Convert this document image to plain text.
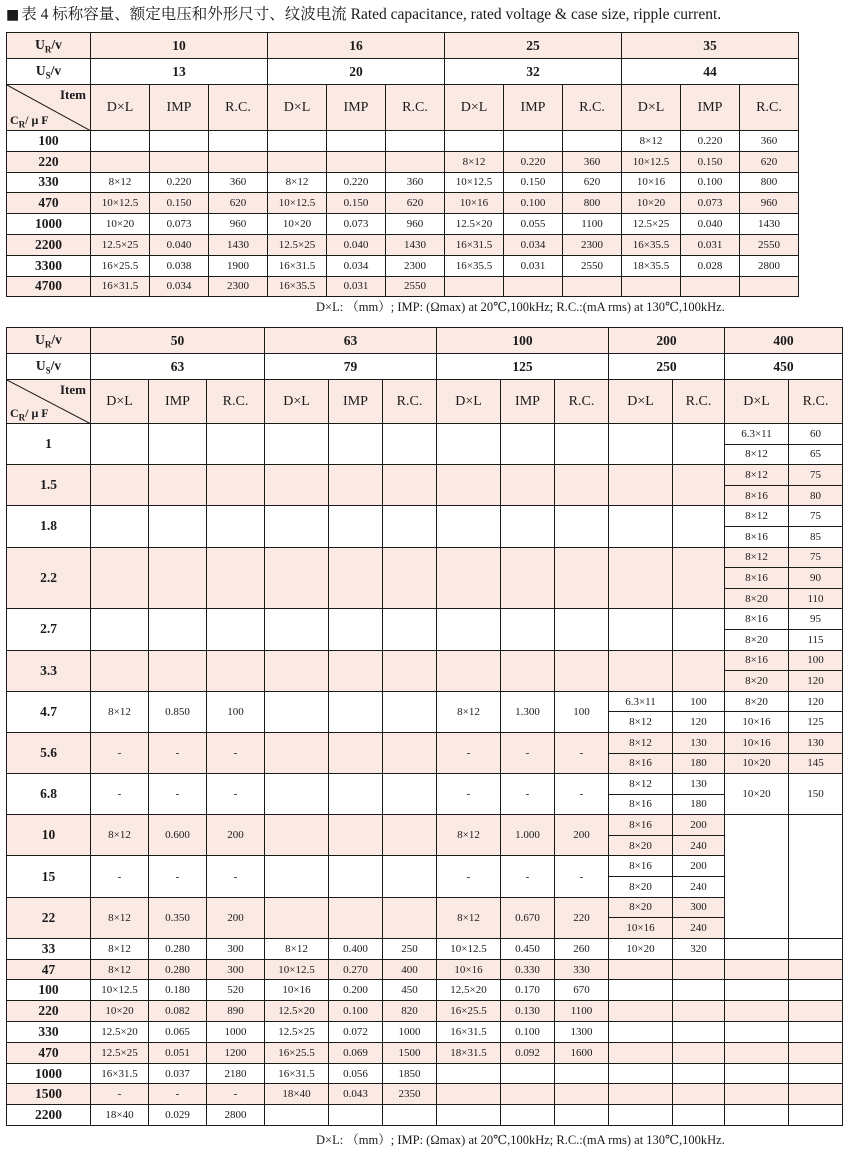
■ 表 4 标称容量、额定电压和外形尺寸、纹波电流 Rated capacitance, rated voltage & case size, ripple current.
$U_R/v$	10			16			25			35		
$U_S/v$	13			20			32			44		

Item
$C_R/$ μ F	D×L	IMP	R.C.	D×L	IMP	R.C.	D×L	IMP	R.C.	D×L	IMP	R.C.
100										8×12	0.220	360
220							8×12	0.220	360	10×12.5	0.150	620
330	8×12	0.220	360	8×12	0.220	360	10×12.5	0.150	620	10×16	0.100	800
470	10×12.5	0.150	620	10×12.5	0.150	620	10×16	0.100	800	10×20	0.073	960
1000	10×20	0.073	960	10×20	0.073	960	12.5×20	0.055	1100	12.5×25	0.040	1430
2200	12.5×25	0.040	1430	12.5×25	0.040	1430	16×31.5	0.034	2300	16×35.5	0.031	2550
3300	16×25.5	0.038	1900	16×31.5	0.034	2300	16×35.5	0.031	2550	18×35.5	0.028	2800
4700	16×31.5	0.034	2300	16×35.5	0.031	2550						
D×L: （mm）; IMP: (Ωmax) at 20℃,100kHz; R.C.:(mA rms) at 130℃,100kHz.
$U_R/v$	50			63			100			200		400	
$U_S/v$	63			79			125			250		450	

Item
$C_R/$ μ F	D×L	IMP	R.C.	D×L	IMP	R.C.	D×L	IMP	R.C.	D×L	R.C.	D×L	R.C.
1												6.3×11	60
												8×12	65
1.5												8×12	75
												8×16	80
1.8												8×12	75
												8×16	85
2.2												8×12	75
												8×16	90
												8×20	110
2.7												8×16	95
												8×20	115
3.3												8×16	100
												8×20	120
4.7	8×12	0.850	100				8×12	1.300	100	6.3×11	100	8×20	120
										8×12	120	10×16	125
5.6	-	-	-				-	-	-	8×12	130	10×16	130
										8×16	180	10×20	145
6.8	-	-	-				-	-	-	8×12	130	10×20	150
										8×16	180		
10	8×12	0.600	200				8×12	1.000	200	8×16	200		
										8×20	240		
15	-	-	-				-	-	-	8×16	200		
										8×20	240		
22	8×12	0.350	200				8×12	0.670	220	8×20	300		
										10×16	240		
33	8×12	0.280	300	8×12	0.400	250	10×12.5	0.450	260	10×20	320		
47	8×12	0.280	300	10×12.5	0.270	400	10×16	0.330	330				
100	10×12.5	0.180	520	10×16	0.200	450	12.5×20	0.170	670				
220	10×20	0.082	890	12.5×20	0.100	820	16×25.5	0.130	1100				
330	12.5×20	0.065	1000	12.5×25	0.072	1000	16×31.5	0.100	1300				
470	12.5×25	0.051	1200	16×25.5	0.069	1500	18×31.5	0.092	1600				
1000	16×31.5	0.037	2180	16×31.5	0.056	1850							
1500	-	-	-	18×40	0.043	2350							
2200	18×40	0.029	2800										
D×L: （mm）; IMP: (Ωmax) at 20℃,100kHz; R.C.:(mA rms) at 130℃,100kHz.
